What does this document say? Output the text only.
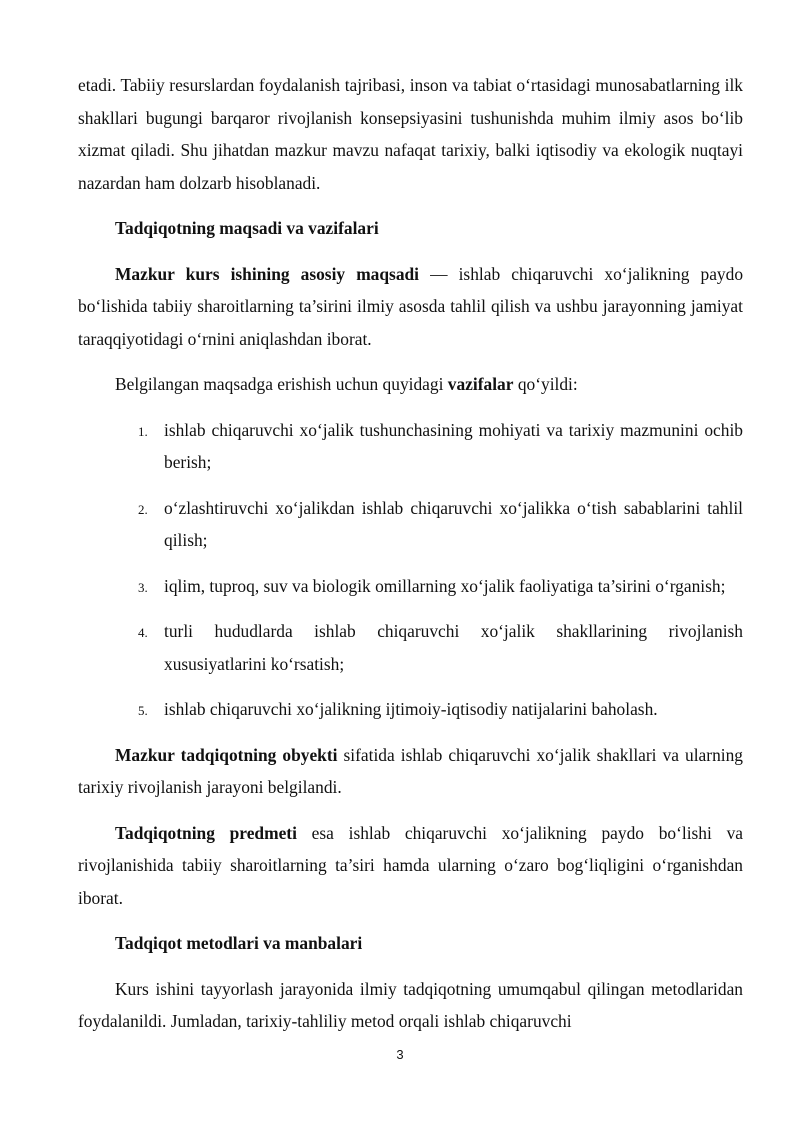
etadi. Tabiiy resurslardan foydalanish tajribasi, inson va tabiat o‘rtasidagi munosabatlarning ilk shakllari bugungi barqaror rivojlanish konsepsiyasini tushunishda muhim ilmiy asos bo‘lib xizmat qiladi. Shu jihatdan mazkur mavzu nafaqat tarixiy, balki iqtisodiy va ekologik nuqtayi nazardan ham dolzarb hisoblanadi.

Tadqiqotning maqsadi va vazifalari

Mazkur kurs ishining asosiy maqsadi — ishlab chiqaruvchi xo‘jalikning paydo bo‘lishida tabiiy sharoitlarning ta’sirini ilmiy asosda tahlil qilish va ushbu jarayonning jamiyat taraqqiyotidagi o‘rnini aniqlashdan iborat.

Belgilangan maqsadga erishish uchun quyidagi vazifalar qo‘yildi:

1. ishlab chiqaruvchi xo‘jalik tushunchasining mohiyati va tarixiy mazmunini ochib berish;
2. o‘zlashtiruvchi xo‘jalikdan ishlab chiqaruvchi xo‘jalikka o‘tish sabablarini tahlil qilish;
3. iqlim, tuproq, suv va biologik omillarning xo‘jalik faoliyatiga ta’sirini o‘rganish;
4. turli hududlarda ishlab chiqaruvchi xo‘jalik shakllarining rivojlanish xususiyatlarini ko‘rsatish;
5. ishlab chiqaruvchi xo‘jalikning ijtimoiy-iqtisodiy natijalarini baholash.

Mazkur tadqiqotning obyekti sifatida ishlab chiqaruvchi xo‘jalik shakllari va ularning tarixiy rivojlanish jarayoni belgilandi.

Tadqiqotning predmeti esa ishlab chiqaruvchi xo‘jalikning paydo bo‘lishi va rivojlanishida tabiiy sharoitlarning ta’siri hamda ularning o‘zaro bog‘liqligini o‘rganishdan iborat.

Tadqiqot metodlari va manbalari

Kurs ishini tayyorlash jarayonida ilmiy tadqiqotning umumqabul qilingan metodlaridan foydalanildi. Jumladan, tarixiy-tahliliy metod orqali ishlab chiqaruvchi

3
